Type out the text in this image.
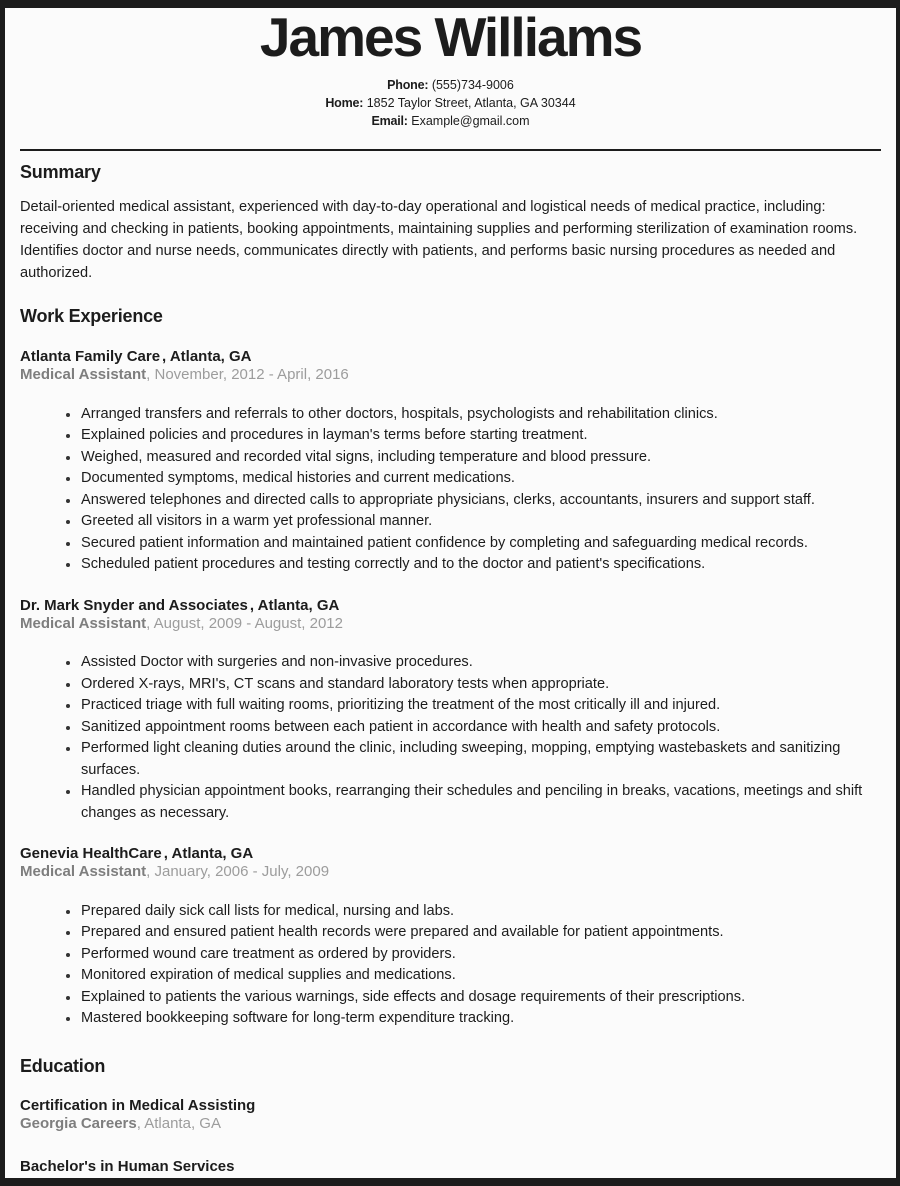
James Williams
Phone: (555)734-9006
Home: 1852 Taylor Street, Atlanta, GA 30344
Email: Example@gmail.com
Summary

Detail-oriented medical assistant, experienced with day-to-day operational and logistical needs of medical practice, including: receiving and checking in patients, booking appointments, maintaining supplies and performing sterilization of examination rooms. Identifies doctor and nurse needs, communicates directly with patients, and performs basic nursing procedures as needed and authorized.

Work Experience
Atlanta Family Care , Atlanta, GA
Medical Assistant, November, 2012 - April, 2016
• Arranged transfers and referrals to other doctors, hospitals, psychologists and rehabilitation clinics.
• Explained policies and procedures in layman's terms before starting treatment.
• Weighed, measured and recorded vital signs, including temperature and blood pressure.
• Documented symptoms, medical histories and current medications.
• Answered telephones and directed calls to appropriate physicians, clerks, accountants, insurers and support staff.
• Greeted all visitors in a warm yet professional manner.
• Secured patient information and maintained patient confidence by completing and safeguarding medical records.
• Scheduled patient procedures and testing correctly and to the doctor and patient's specifications.
Dr. Mark Snyder and Associates , Atlanta, GA
Medical Assistant, August, 2009 - August, 2012
• Assisted Doctor with surgeries and non-invasive procedures.
• Ordered X-rays, MRI's, CT scans and standard laboratory tests when appropriate.
• Practiced triage with full waiting rooms, prioritizing the treatment of the most critically ill and injured.
• Sanitized appointment rooms between each patient in accordance with health and safety protocols.
• Performed light cleaning duties around the clinic, including sweeping, mopping, emptying wastebaskets and sanitizing surfaces.
• Handled physician appointment books, rearranging their schedules and penciling in breaks, vacations, meetings and shift changes as necessary.
Genevia HealthCare , Atlanta, GA
Medical Assistant, January, 2006 - July, 2009
• Prepared daily sick call lists for medical, nursing and labs.
• Prepared and ensured patient health records were prepared and available for patient appointments.
• Performed wound care treatment as ordered by providers.
• Monitored expiration of medical supplies and medications.
• Explained to patients the various warnings, side effects and dosage requirements of their prescriptions.
• Mastered bookkeeping software for long-term expenditure tracking.
Education
Certification in Medical Assisting
Georgia Careers, Atlanta, GA
Bachelor's in Human Services
Walden University
